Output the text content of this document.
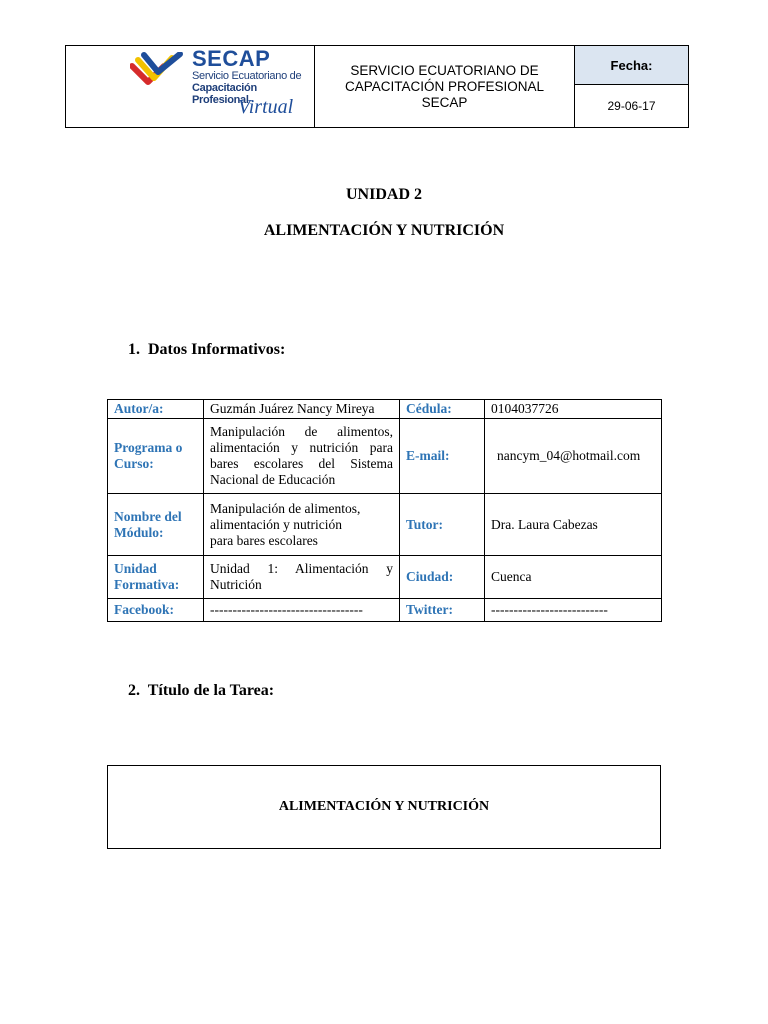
SECAP
Servicio Ecuatoriano de
Capacitación Profesional
Virtual
SERVICIO ECUATORIANO DE
CAPACITACIÓN PROFESIONAL
SECAP
Fecha:
29-06-17
UNIDAD 2
ALIMENTACIÓN Y NUTRICIÓN
1. Datos Informativos:
Autor/a:	Guzmán Juárez Nancy Mireya	Cédula:	0104037726
Programa o Curso:	Manipulación de alimentos, alimentación y nutrición para bares escolares del Sistema Nacional de Educación	E-mail:	nancym_04@hotmail.com
Nombre del Módulo:	Manipulación de alimentos,
alimentación y nutrición
para bares escolares	Tutor:	Dra. Laura Cabezas
Unidad Formativa:	Unidad 1: Alimentación y Nutrición	Ciudad:	Cuenca
Facebook:	----------------------------------	Twitter:	--------------------------
2. Título de la Tarea:
ALIMENTACIÓN Y NUTRICIÓN
